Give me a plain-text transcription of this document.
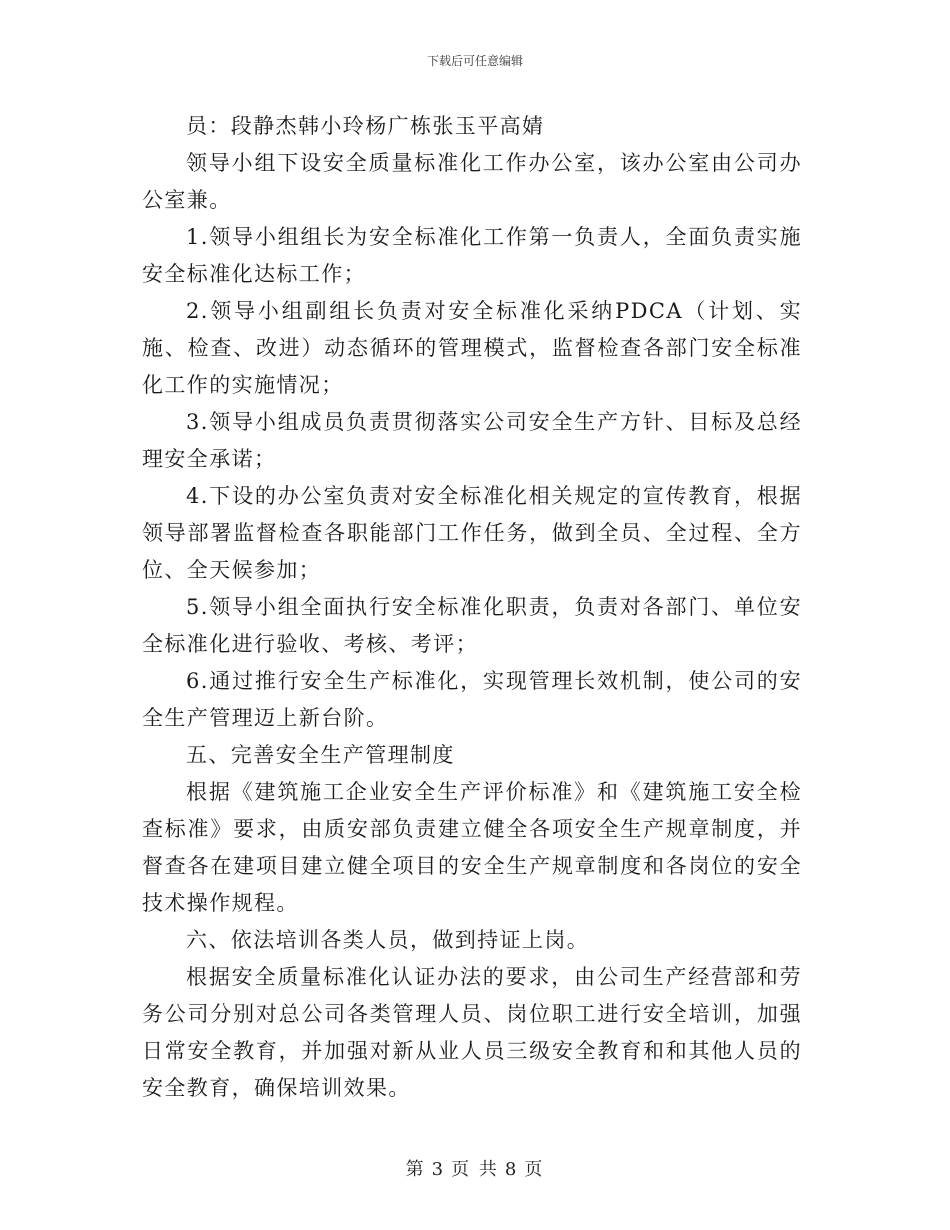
下载后可任意编辑

员：段静杰韩小玲杨广栋张玉平高婧

领导小组下设安全质量标准化工作办公室，该办公室由公司办公室兼。

1.领导小组组长为安全标准化工作第一负责人，全面负责实施安全标准化达标工作；

2.领导小组副组长负责对安全标准化采纳PDCA（计划、实施、检查、改进）动态循环的管理模式，监督检查各部门安全标准化工作的实施情况；

3.领导小组成员负责贯彻落实公司安全生产方针、目标及总经理安全承诺；

4.下设的办公室负责对安全标准化相关规定的宣传教育，根据领导部署监督检查各职能部门工作任务，做到全员、全过程、全方位、全天候参加；

5.领导小组全面执行安全标准化职责，负责对各部门、单位安全标准化进行验收、考核、考评；

6.通过推行安全生产标准化，实现管理长效机制，使公司的安全生产管理迈上新台阶。

五、完善安全生产管理制度

根据《建筑施工企业安全生产评价标准》和《建筑施工安全检查标准》要求，由质安部负责建立健全各项安全生产规章制度，并督查各在建项目建立健全项目的安全生产规章制度和各岗位的安全技术操作规程。

六、依法培训各类人员，做到持证上岗。

根据安全质量标准化认证办法的要求，由公司生产经营部和劳务公司分别对总公司各类管理人员、岗位职工进行安全培训，加强日常安全教育，并加强对新从业人员三级安全教育和和其他人员的安全教育，确保培训效果。

第 3 页 共 8 页
